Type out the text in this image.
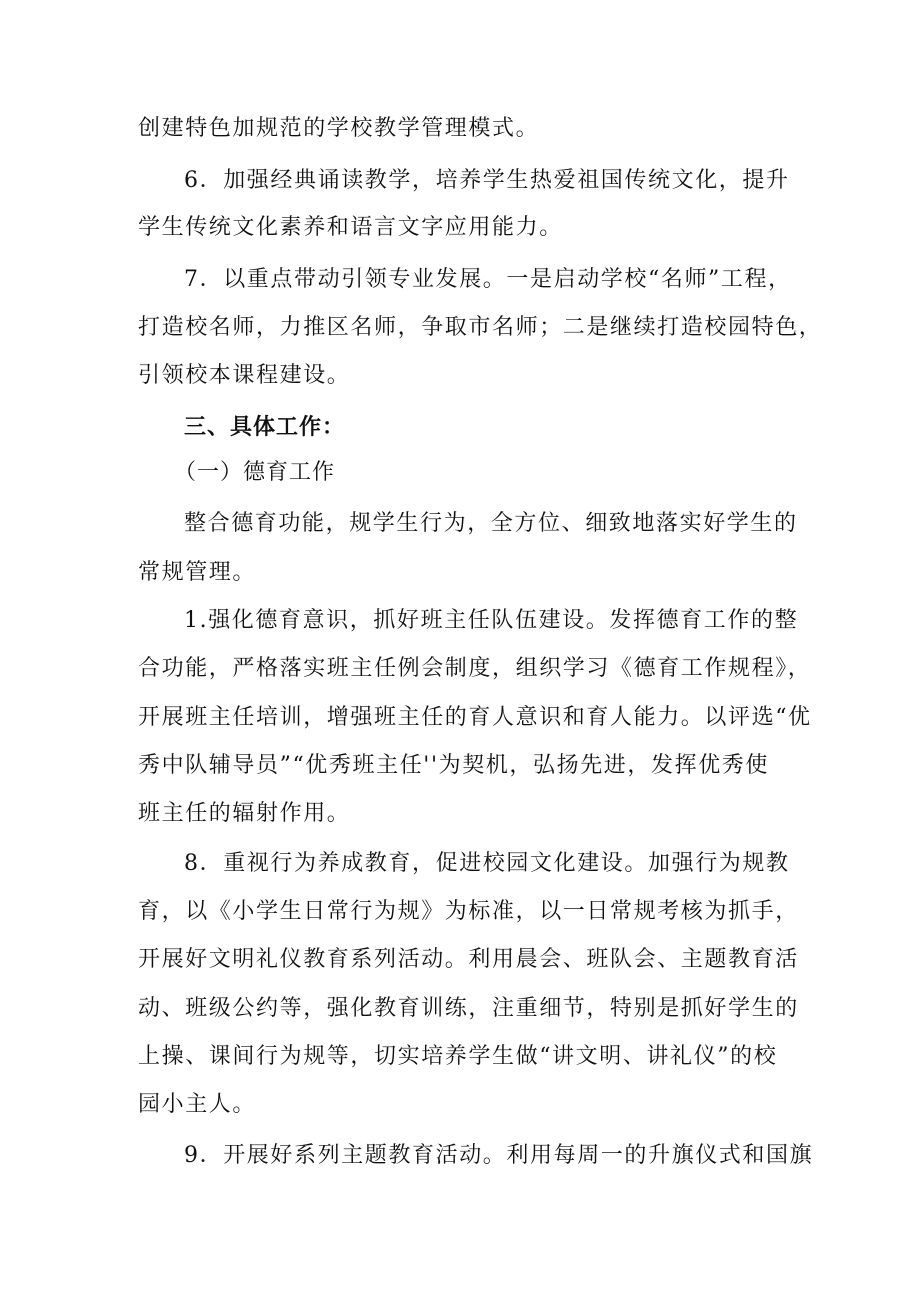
创建特色加规范的学校教学管理模式。
6．加强经典诵读教学，培养学生热爱祖国传统文化，提升
学生传统文化素养和语言文字应用能力。
7．以重点带动引领专业发展。一是启动学校“名师”工程，
打造校名师，力推区名师，争取市名师；二是继续打造校园特色，
引领校本课程建设。
三、具体工作：
（一）德育工作
整合德育功能，规学生行为，全方位、细致地落实好学生的
常规管理。
1.强化德育意识，抓好班主任队伍建设。发挥德育工作的整
合功能，严格落实班主任例会制度，组织学习《德育工作规程》，
开展班主任培训，增强班主任的育人意识和育人能力。以评选“优
秀中队辅导员”“优秀班主任''为契机，弘扬先进，发挥优秀使
班主任的辐射作用。
8．重视行为养成教育，促进校园文化建设。加强行为规教
育，以《小学生日常行为规》为标准，以一日常规考核为抓手，
开展好文明礼仪教育系列活动。利用晨会、班队会、主题教育活
动、班级公约等，强化教育训练，注重细节，特别是抓好学生的
上操、课间行为规等，切实培养学生做“讲文明、讲礼仪”的校
园小主人。
9．开展好系列主题教育活动。利用每周一的升旗仪式和国旗
